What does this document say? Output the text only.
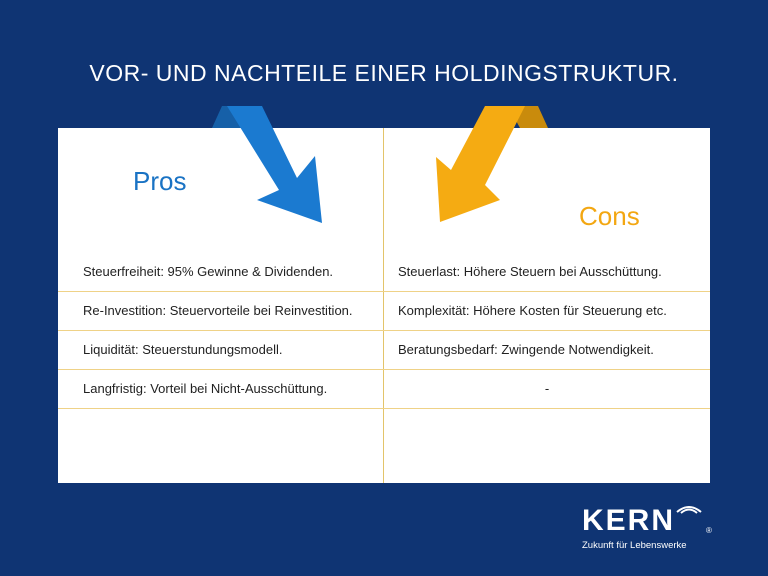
VOR- UND NACHTEILE EINER HOLDINGSTRUKTUR.
Pros
Cons
Steuerfreiheit: 95% Gewinne & Dividenden.	Steuerlast: Höhere Steuern bei Ausschüttung.
Re-Investition: Steuervorteile bei Reinvestition.	Komplexität: Höhere Kosten für Steuerung etc.
Liquidität: Steuerstundungsmodell.	Beratungsbedarf: Zwingende Notwendigkeit.
Langfristig: Vorteil bei Nicht-Ausschüttung.	-
KERN	®
Zukunft für Lebenswerke
